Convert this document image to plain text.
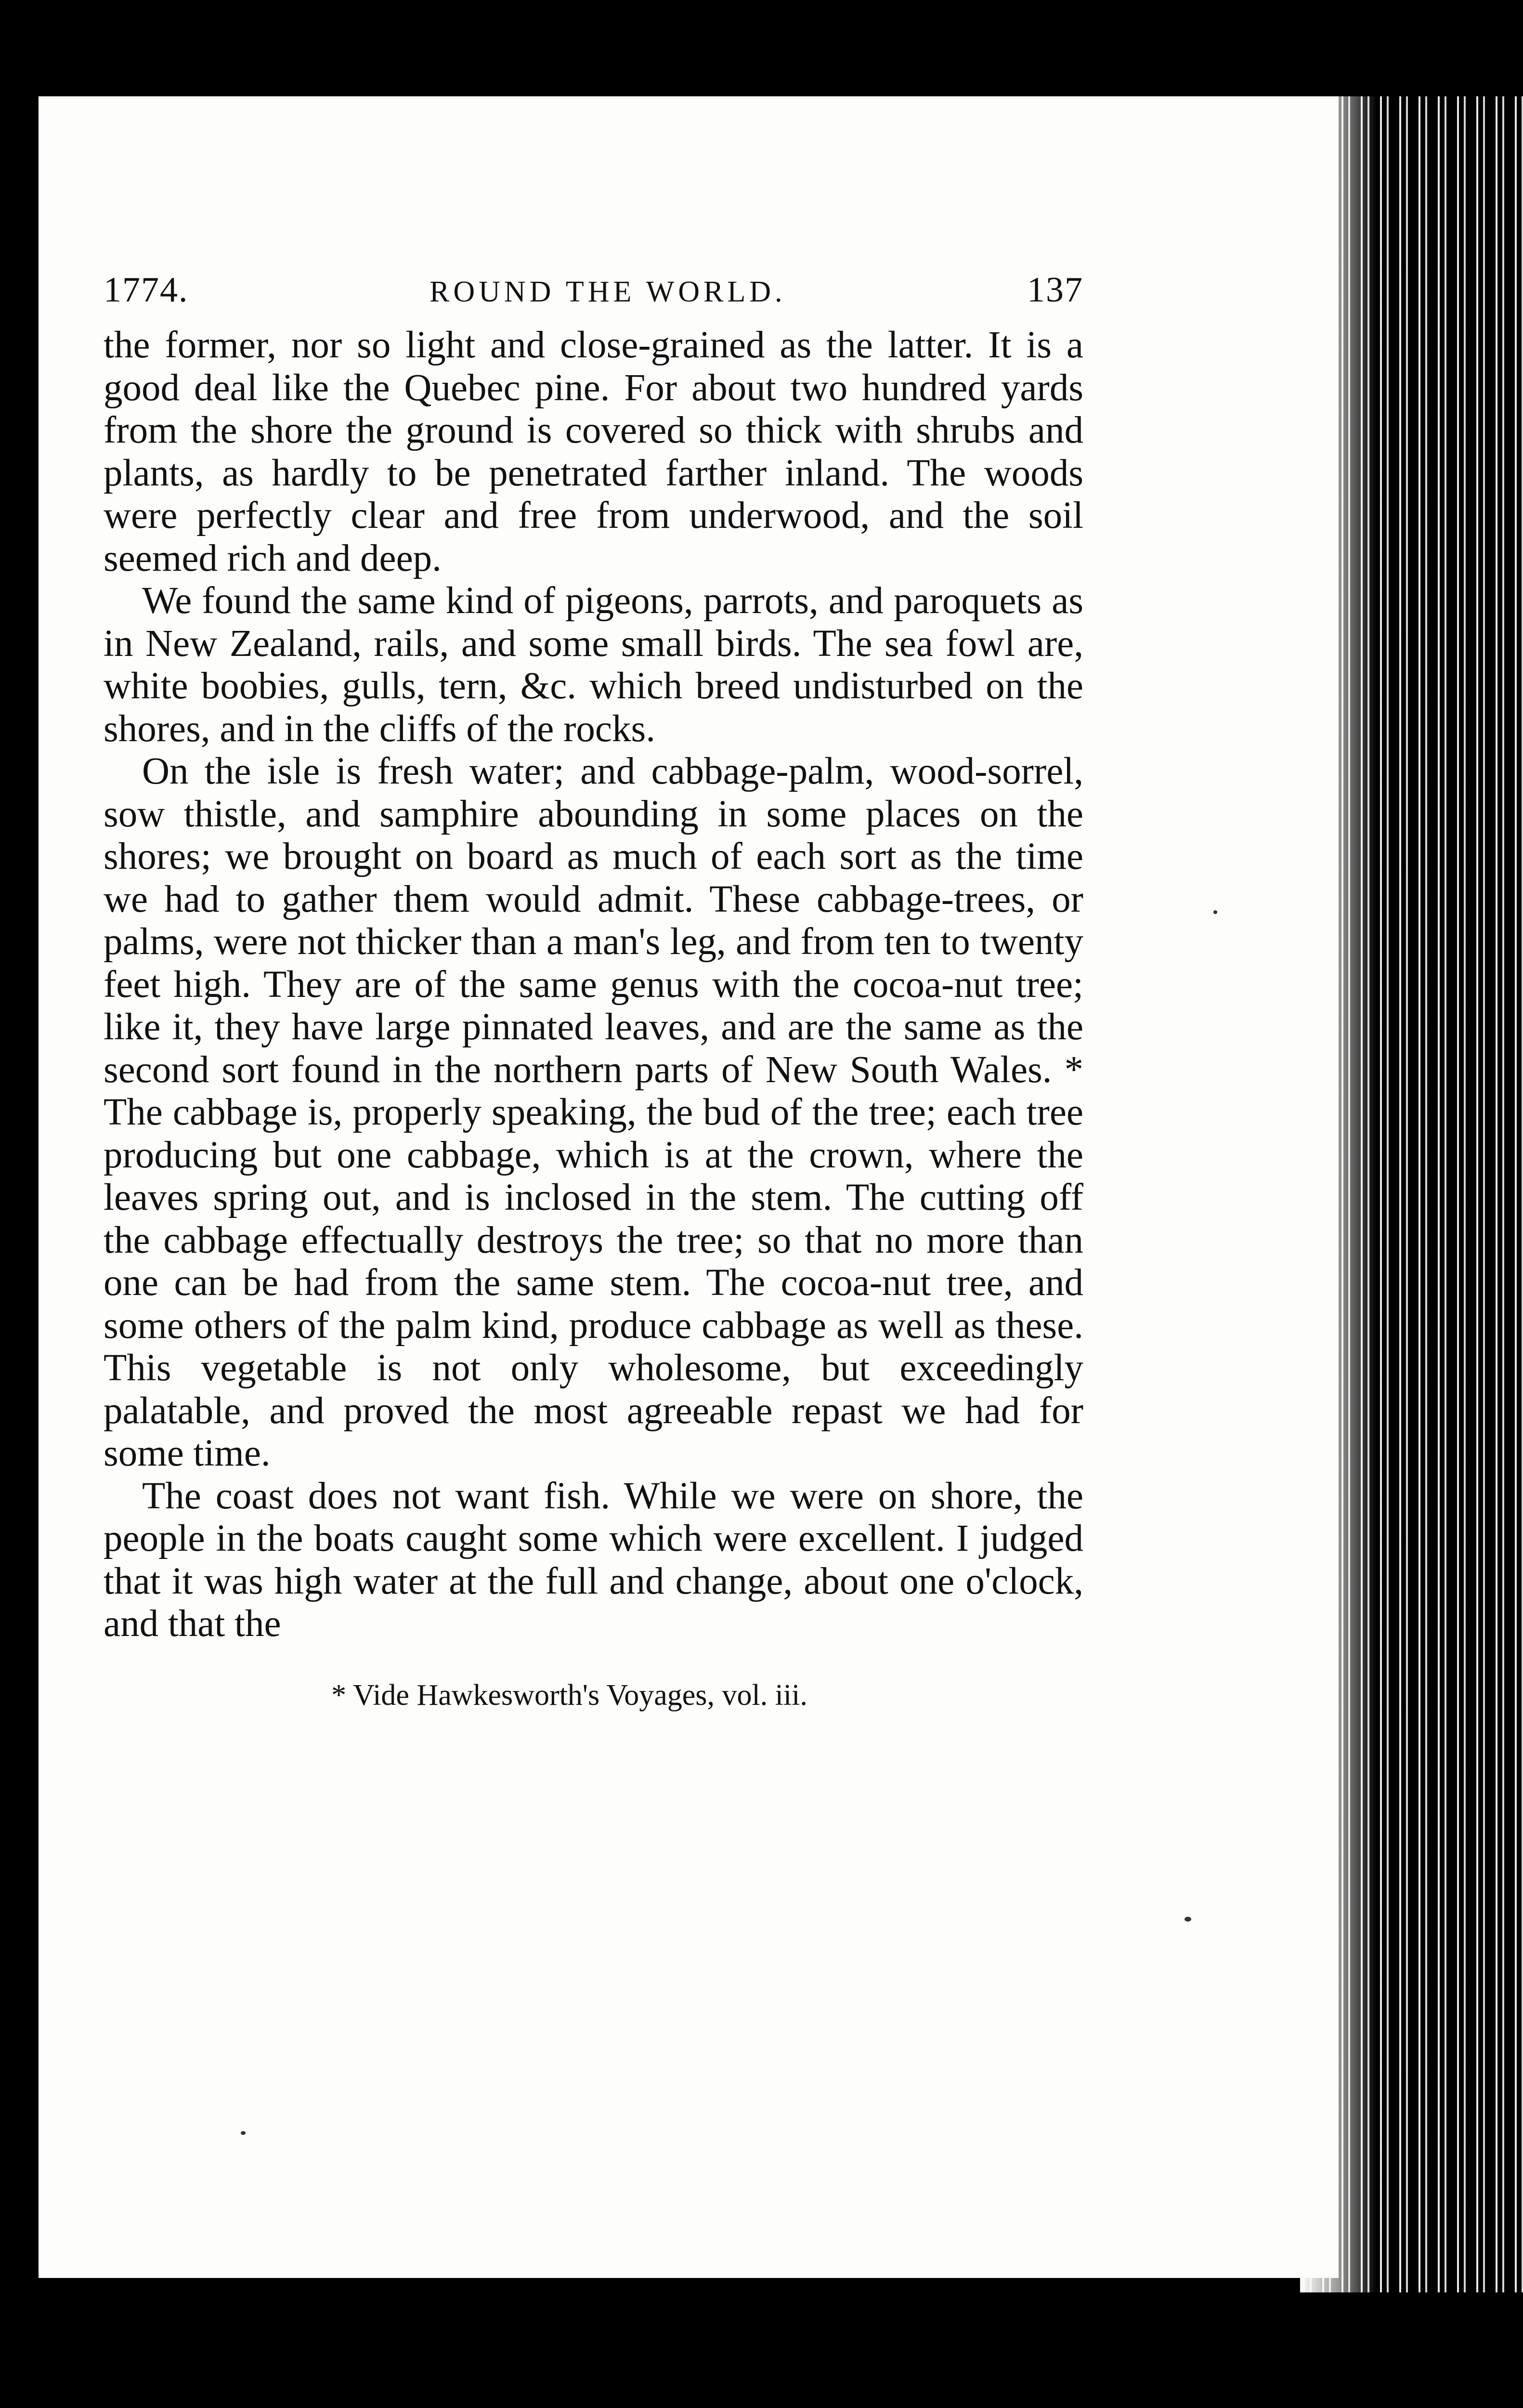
1774.	ROUND THE WORLD.	137

the former, nor so light and close-grained as the latter. It is a good deal like the Quebec pine. For about two hundred yards from the shore the ground is covered so thick with shrubs and plants, as hardly to be penetrated farther inland. The woods were perfectly clear and free from underwood, and the soil seemed rich and deep.

We found the same kind of pigeons, parrots, and paroquets as in New Zealand, rails, and some small birds. The sea fowl are, white boobies, gulls, tern, &c. which breed undisturbed on the shores, and in the cliffs of the rocks.

On the isle is fresh water; and cabbage-palm, wood-sorrel, sow thistle, and samphire abounding in some places on the shores; we brought on board as much of each sort as the time we had to gather them would admit. These cabbage-trees, or palms, were not thicker than a man's leg, and from ten to twenty feet high. They are of the same genus with the cocoa-nut tree; like it, they have large pinnated leaves, and are the same as the second sort found in the northern parts of New South Wales. * The cabbage is, properly speaking, the bud of the tree; each tree producing but one cabbage, which is at the crown, where the leaves spring out, and is inclosed in the stem. The cutting off the cabbage effectually destroys the tree; so that no more than one can be had from the same stem. The cocoa-nut tree, and some others of the palm kind, produce cabbage as well as these. This vegetable is not only wholesome, but exceedingly palatable, and proved the most agreeable repast we had for some time.

The coast does not want fish. While we were on shore, the people in the boats caught some which were excellent. I judged that it was high water at the full and change, about one o'clock, and that the

* Vide Hawkesworth's Voyages, vol. iii.
